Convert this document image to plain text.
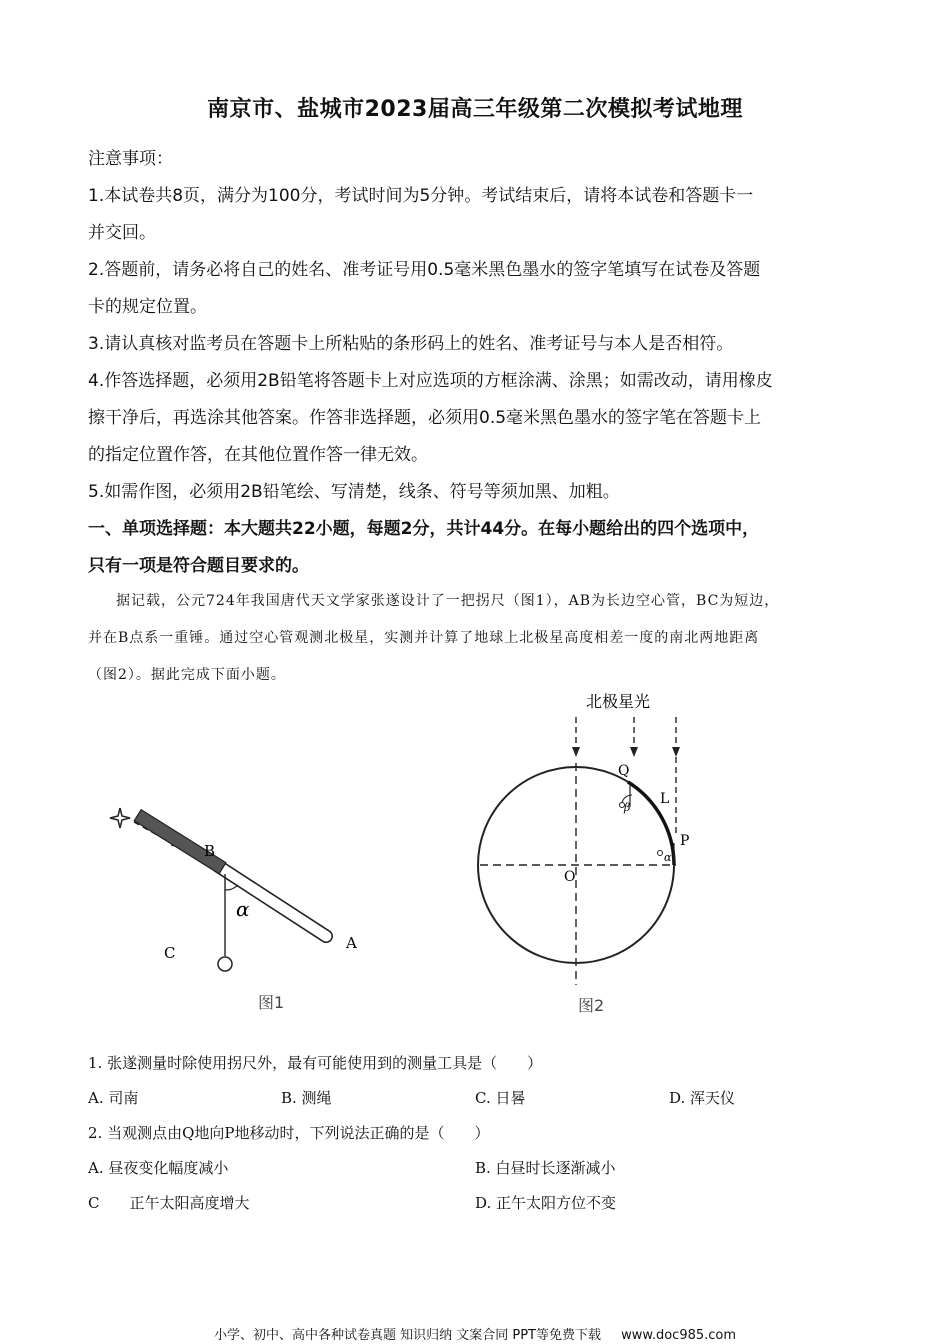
南京市、盐城市2023届高三年级第二次模拟考试地理

注意事项：

1.本试卷共8页，满分为100分，考试时间为5分钟。考试结束后，请将本试卷和答题卡一

并交回。

2.答题前，请务必将自己的姓名、准考证号用0.5毫米黑色墨水的签字笔填写在试卷及答题

卡的规定位置。

3.请认真核对监考员在答题卡上所粘贴的条形码上的姓名、准考证号与本人是否相符。

4.作答选择题，必须用2B铅笔将答题卡上对应选项的方框涂满、涂黑；如需改动，请用橡皮

擦干净后，再选涂其他答案。作答非选择题，必须用0.5毫米黑色墨水的签字笔在答题卡上

的指定位置作答，在其他位置作答一律无效。

5.如需作图，必须用2B铅笔绘、写清楚，线条、符号等须加黑、加粗。

一、单项选择题：本大题共22小题，每题2分，共计44分。在每小题给出的四个选项中，

只有一项是符合题目要求的。

据记载，公元724年我国唐代天文学家张遂设计了一把拐尺（图1），AB为长边空心管，BC为短边，

并在B点系一重锤。通过空心管观测北极星，实测并计算了地球上北极星高度相差一度的南北两地距离

（图2）。据此完成下面小题。

B
α
C
A
图1
北极星光
Q
β
L
P
α
O
图2
1. 张遂测量时除使用拐尺外，最有可能使用到的测量工具是（　　）
A. 司南	B. 测绳	C. 日晷	D. 浑天仪
2. 当观测点由Q地向P地移动时，下列说法正确的是（　　）
A. 昼夜变化幅度减小	B. 白昼时长逐渐减小
C　　正午太阳高度增大	D. 正午太阳方位不变
小学、初中、高中各种试卷真题 知识归纳 文案合同 PPT等免费下载 www.doc985.com
